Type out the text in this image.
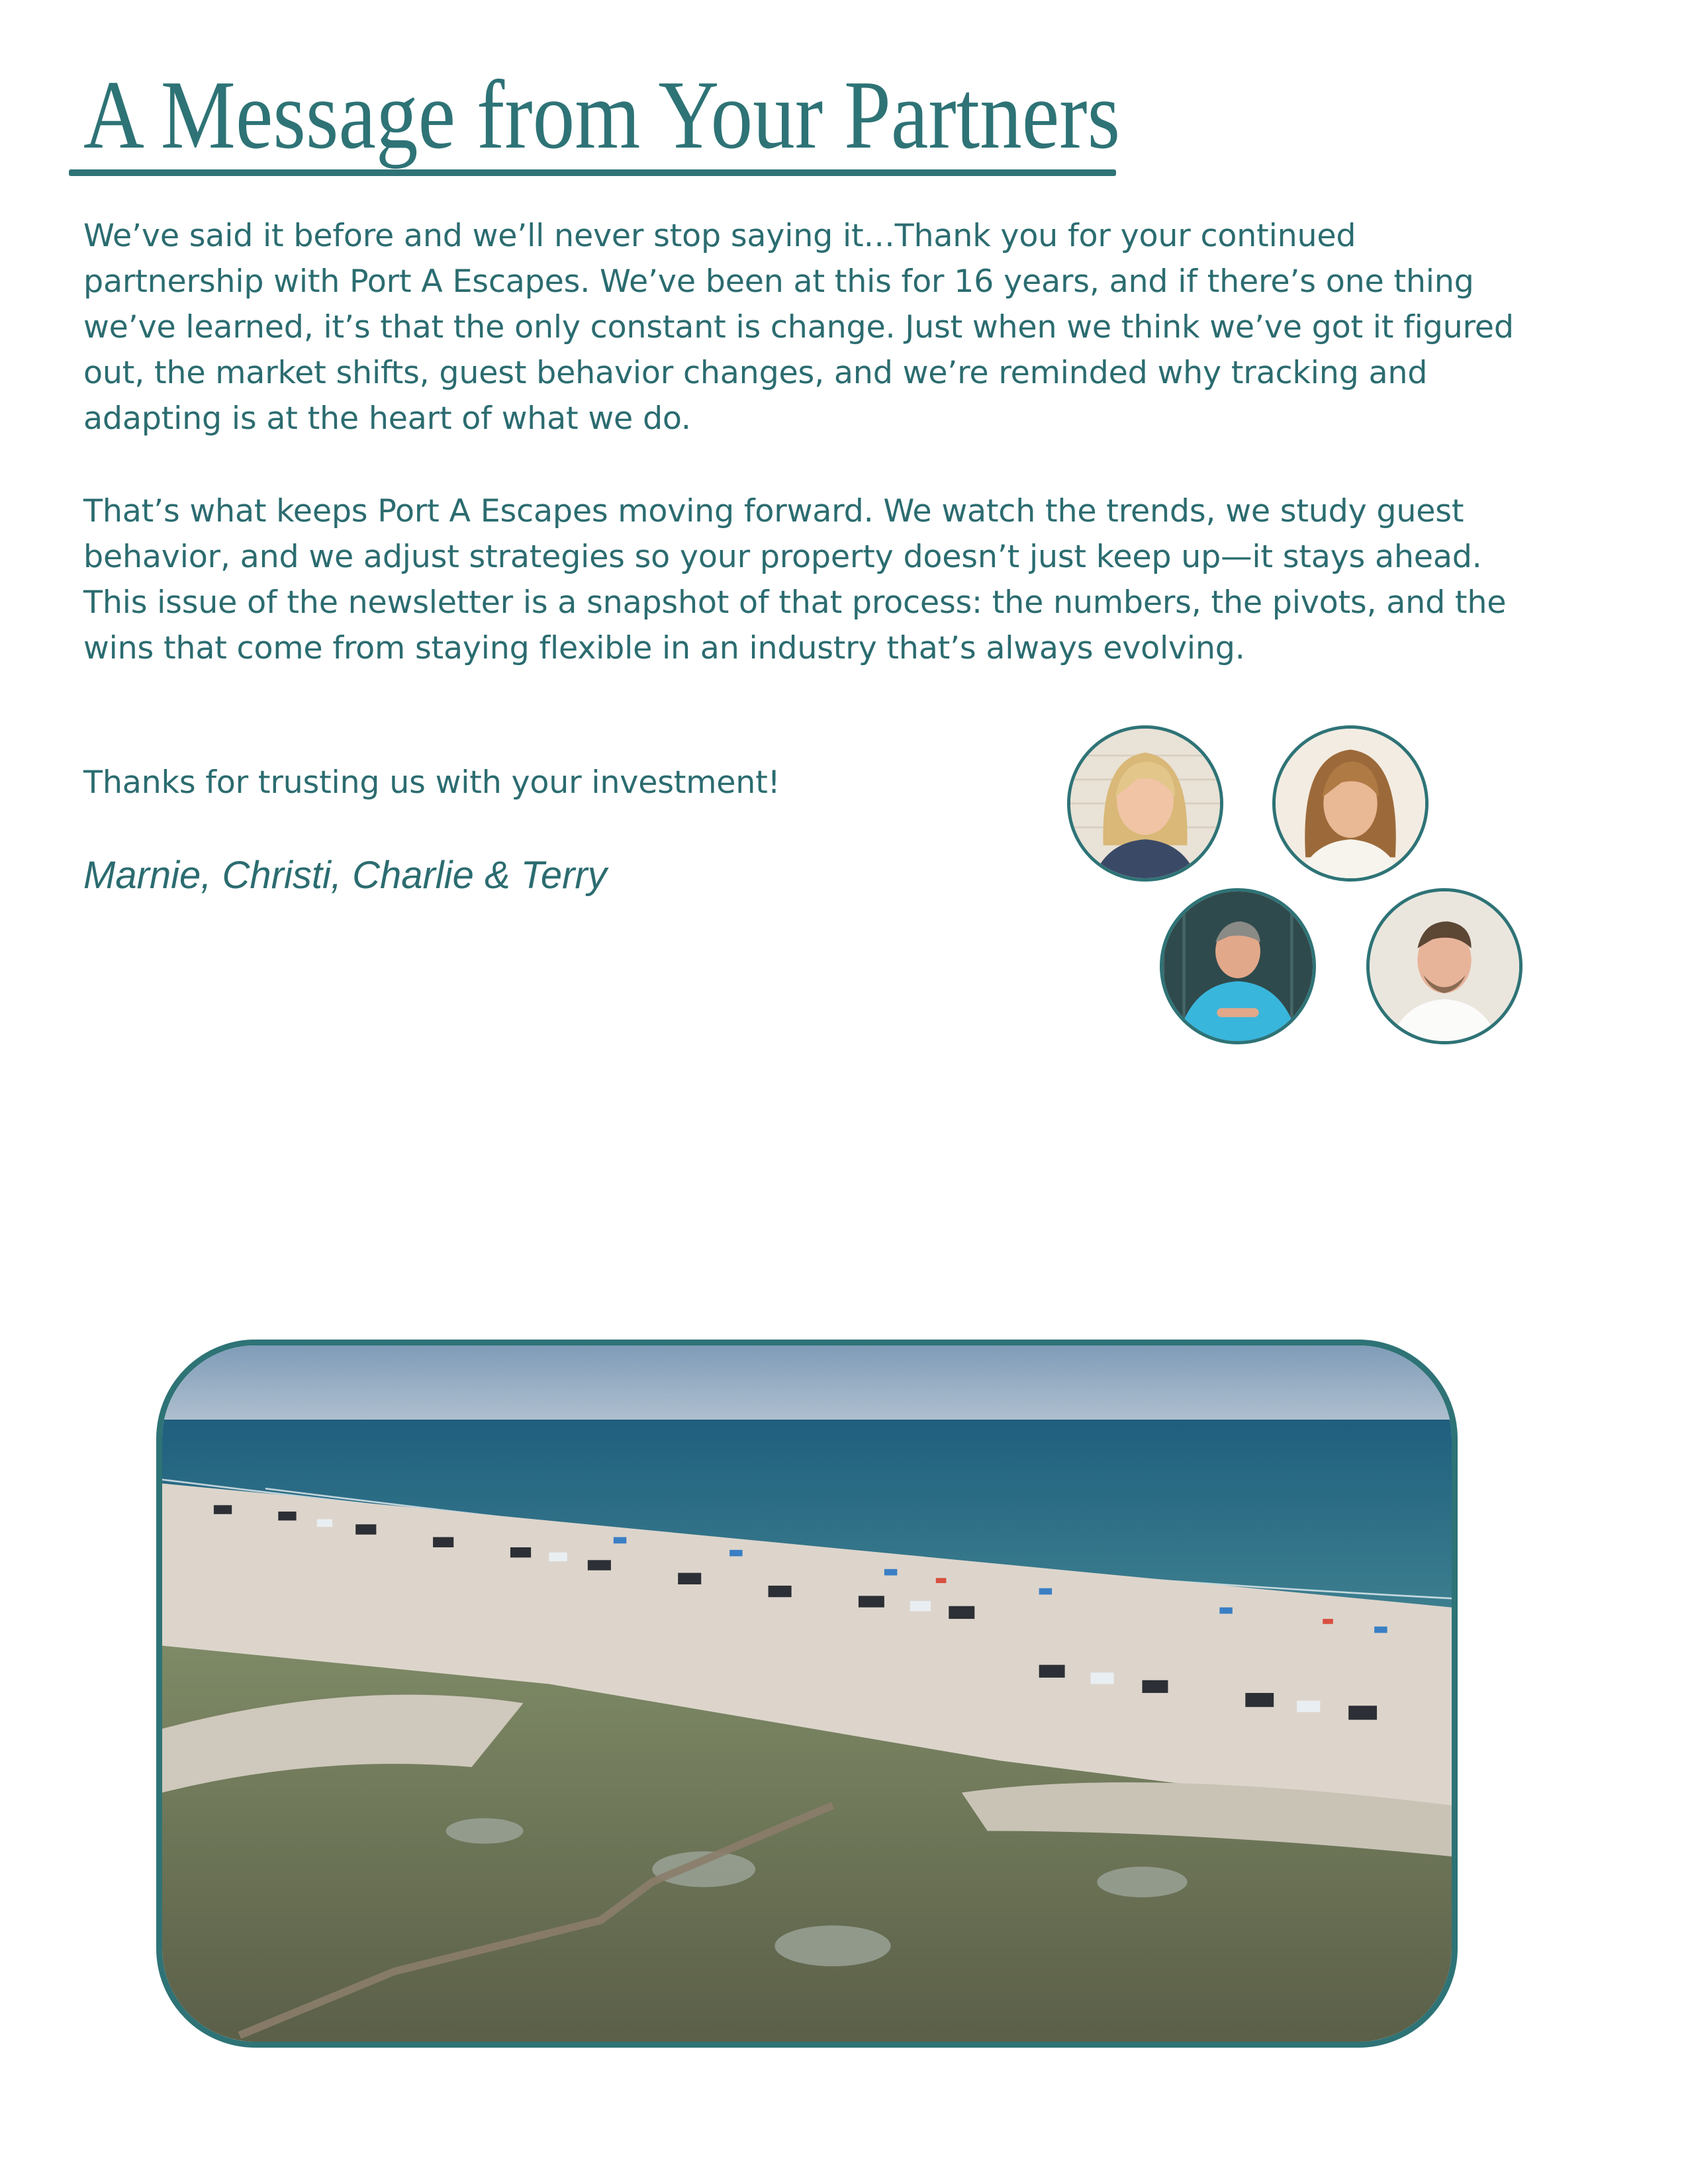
A Message from Your Partners

We’ve said it before and we’ll never stop saying it…Thank you for your continued partnership with Port A Escapes. We’ve been at this for 16 years, and if there’s one thing we’ve learned, it’s that the only constant is change. Just when we think we’ve got it figured out, the market shifts, guest behavior changes, and we’re reminded why tracking and adapting is at the heart of what we do.

That’s what keeps Port A Escapes moving forward. We watch the trends, we study guest behavior, and we adjust strategies so your property doesn’t just keep up—it stays ahead. This issue of the newsletter is a snapshot of that process: the numbers, the pivots, and the wins that come from staying flexible in an industry that’s always evolving.

Thanks for trusting us with your investment!

Marnie, Christi, Charlie & Terry
